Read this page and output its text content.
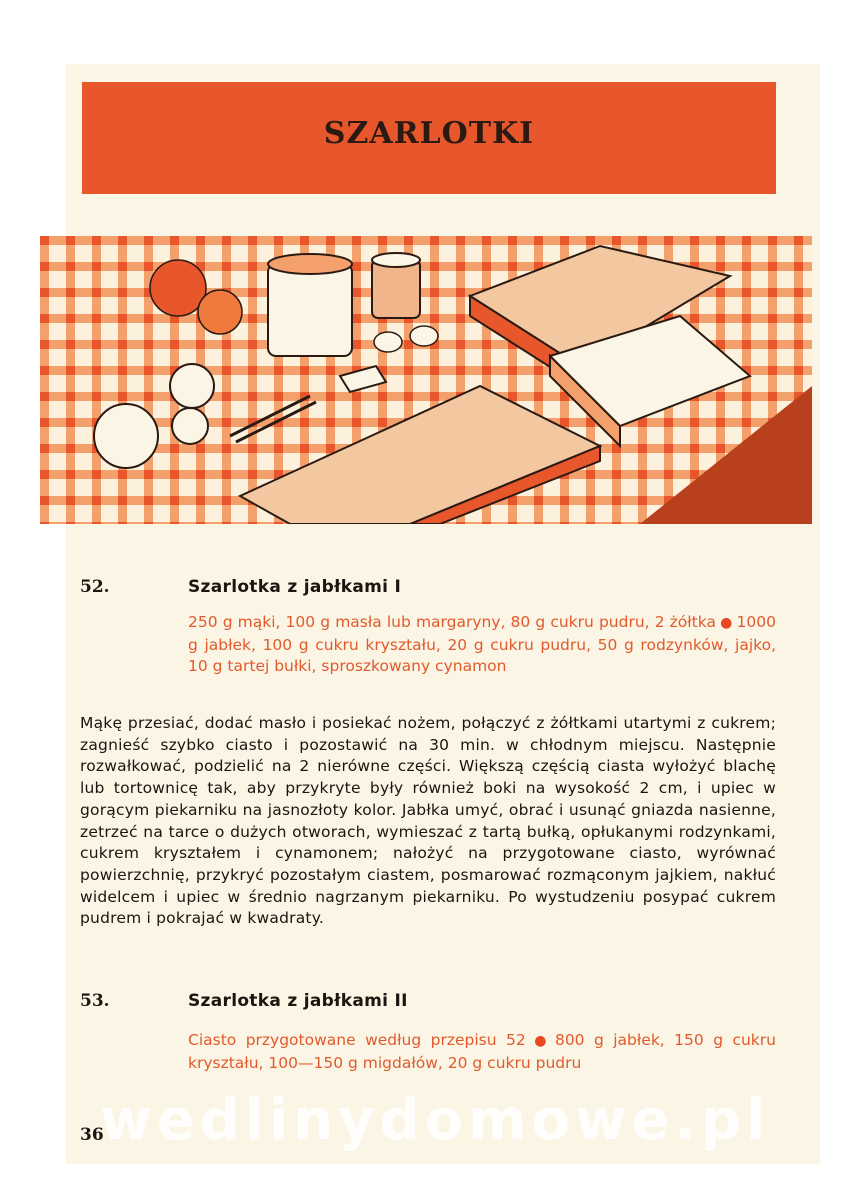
SZARLOTKI
52.	Szarlotka z jabłkami I
250 g mąki, 100 g masła lub margaryny, 80 g cukru pudru, 2 żółtka ● 1000 g jabłek, 100 g cukru kryształu, 20 g cukru pudru, 50 g rodzynków, jajko, 10 g tartej bułki, sproszkowany cynamon
Mąkę przesiać, dodać masło i posiekać nożem, połączyć z żółtkami utartymi z cukrem; zagnieść szybko ciasto i pozostawić na 30 min. w chłodnym miejscu. Następnie rozwałkować, podzielić na 2 nierówne części. Większą częścią ciasta wyłożyć blachę lub tortownicę tak, aby przykryte były również boki na wysokość 2 cm, i upiec w gorącym piekarniku na jasnozłoty kolor. Jabłka umyć, obrać i usunąć gniazda nasienne, zetrzeć na tarce o dużych otworach, wymieszać z tartą bułką, opłukanymi rodzynkami, cukrem kryształem i cynamonem; nałożyć na przygotowane ciasto, wyrównać powierzchnię, przykryć pozostałym ciastem, posmarować rozmąconym jajkiem, nakłuć widelcem i upiec w średnio nagrzanym piekarniku. Po wystudzeniu posypać cukrem pudrem i pokrajać w kwadraty.
53.	Szarlotka z jabłkami II
Ciasto przygotowane według przepisu 52 ● 800 g jabłek, 150 g cukru kryształu, 100—150 g migdałów, 20 g cukru pudru
wedlinydomowe.pl
36
